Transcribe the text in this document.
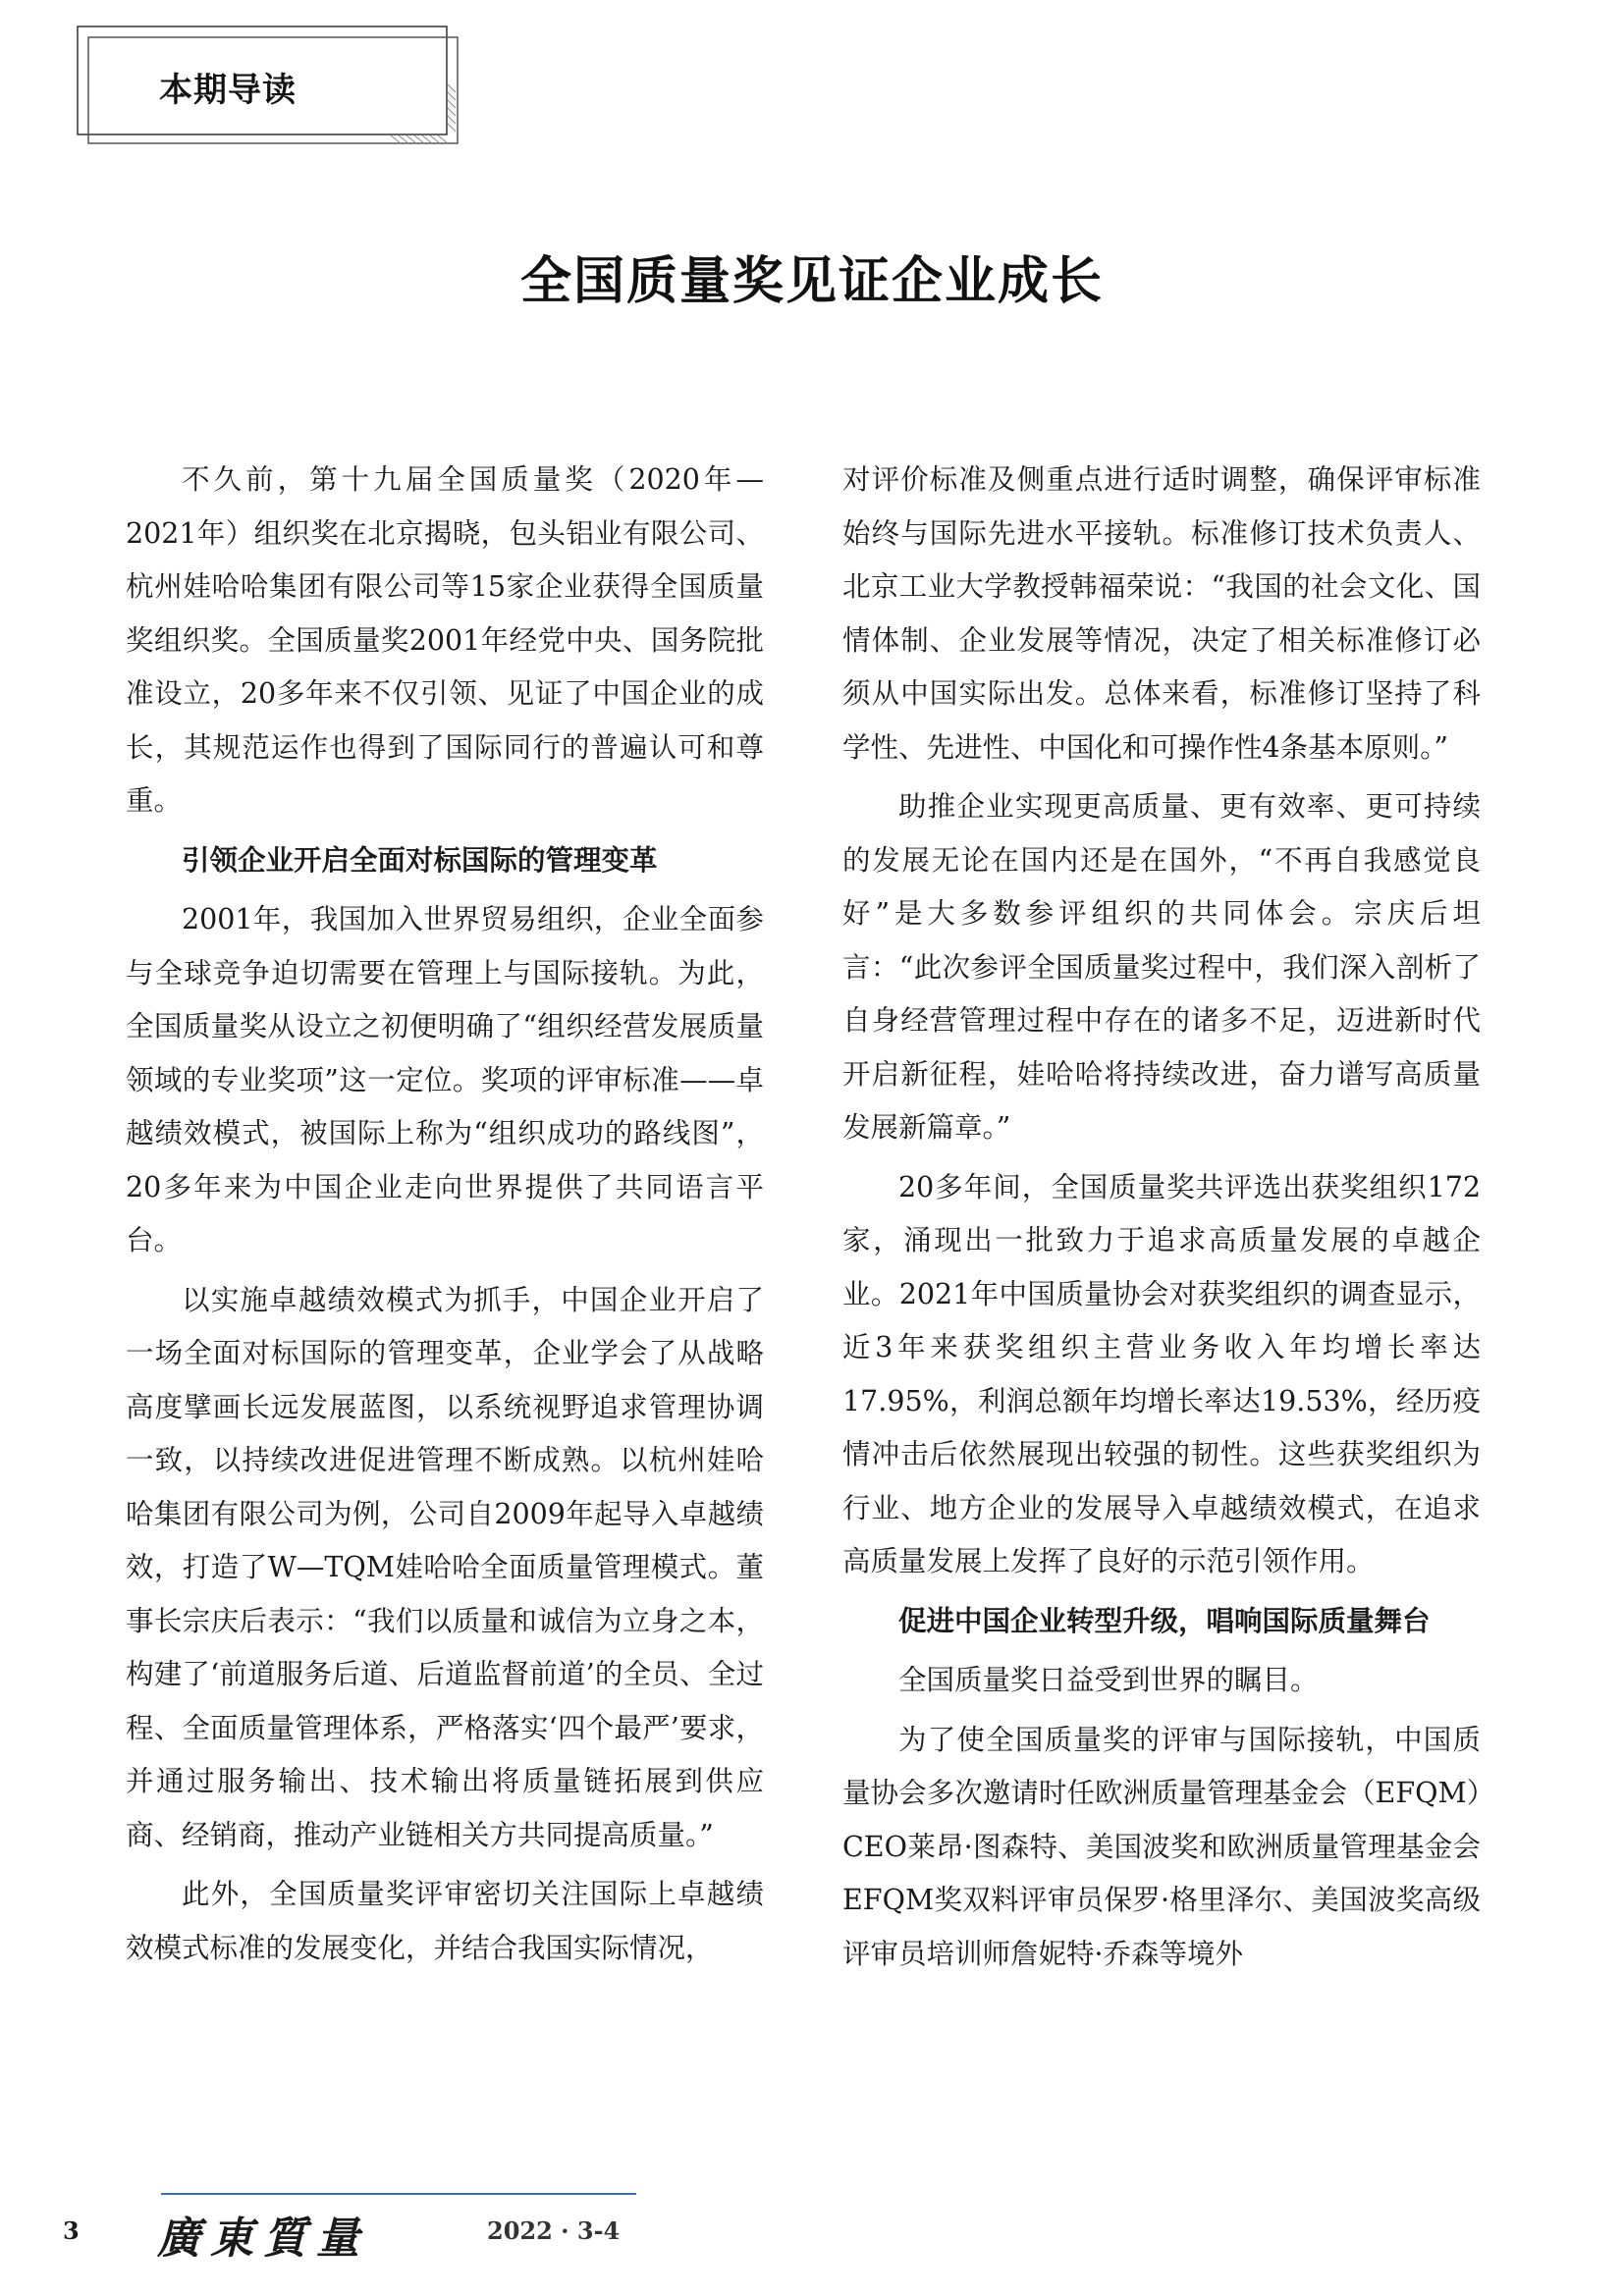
本期导读
全国质量奖见证企业成长

不久前，第十九届全国质量奖（2020年—2021年）组织奖在北京揭晓，包头铝业有限公司、杭州娃哈哈集团有限公司等15家企业获得全国质量奖组织奖。全国质量奖2001年经党中央、国务院批准设立，20多年来不仅引领、见证了中国企业的成长，其规范运作也得到了国际同行的普遍认可和尊重。

引领企业开启全面对标国际的管理变革

2001年，我国加入世界贸易组织，企业全面参与全球竞争迫切需要在管理上与国际接轨。为此，全国质量奖从设立之初便明确了“组织经营发展质量领域的专业奖项”这一定位。奖项的评审标准——卓越绩效模式，被国际上称为“组织成功的路线图”，20多年来为中国企业走向世界提供了共同语言平台。

以实施卓越绩效模式为抓手，中国企业开启了一场全面对标国际的管理变革，企业学会了从战略高度擘画长远发展蓝图，以系统视野追求管理协调一致，以持续改进促进管理不断成熟。以杭州娃哈哈集团有限公司为例，公司自2009年起导入卓越绩效，打造了W—TQM娃哈哈全面质量管理模式。董事长宗庆后表示：“我们以质量和诚信为立身之本，构建了‘前道服务后道、后道监督前道’的全员、全过程、全面质量管理体系，严格落实‘四个最严’要求，并通过服务输出、技术输出将质量链拓展到供应商、经销商，推动产业链相关方共同提高质量。”

此外，全国质量奖评审密切关注国际上卓越绩效模式标准的发展变化，并结合我国实际情况，

对评价标准及侧重点进行适时调整，确保评审标准始终与国际先进水平接轨。标准修订技术负责人、北京工业大学教授韩福荣说：“我国的社会文化、国情体制、企业发展等情况，决定了相关标准修订必须从中国实际出发。总体来看，标准修订坚持了科学性、先进性、中国化和可操作性4条基本原则。”

助推企业实现更高质量、更有效率、更可持续的发展无论在国内还是在国外，“不再自我感觉良好”是大多数参评组织的共同体会。宗庆后坦言：“此次参评全国质量奖过程中，我们深入剖析了自身经营管理过程中存在的诸多不足，迈进新时代开启新征程，娃哈哈将持续改进，奋力谱写高质量发展新篇章。”

20多年间，全国质量奖共评选出获奖组织172家，涌现出一批致力于追求高质量发展的卓越企业。2021年中国质量协会对获奖组织的调查显示，近3年来获奖组织主营业务收入年均增长率达17.95%，利润总额年均增长率达19.53%，经历疫情冲击后依然展现出较强的韧性。这些获奖组织为行业、地方企业的发展导入卓越绩效模式，在追求高质量发展上发挥了良好的示范引领作用。

促进中国企业转型升级，唱响国际质量舞台

全国质量奖日益受到世界的瞩目。

为了使全国质量奖的评审与国际接轨，中国质量协会多次邀请时任欧洲质量管理基金会（EFQM）CEO莱昂·图森特、美国波奖和欧洲质量管理基金会EFQM奖双料评审员保罗·格里泽尔、美国波奖高级评审员培训师詹妮特·乔森等境外

3 廣東質量	2022 · 3-4
